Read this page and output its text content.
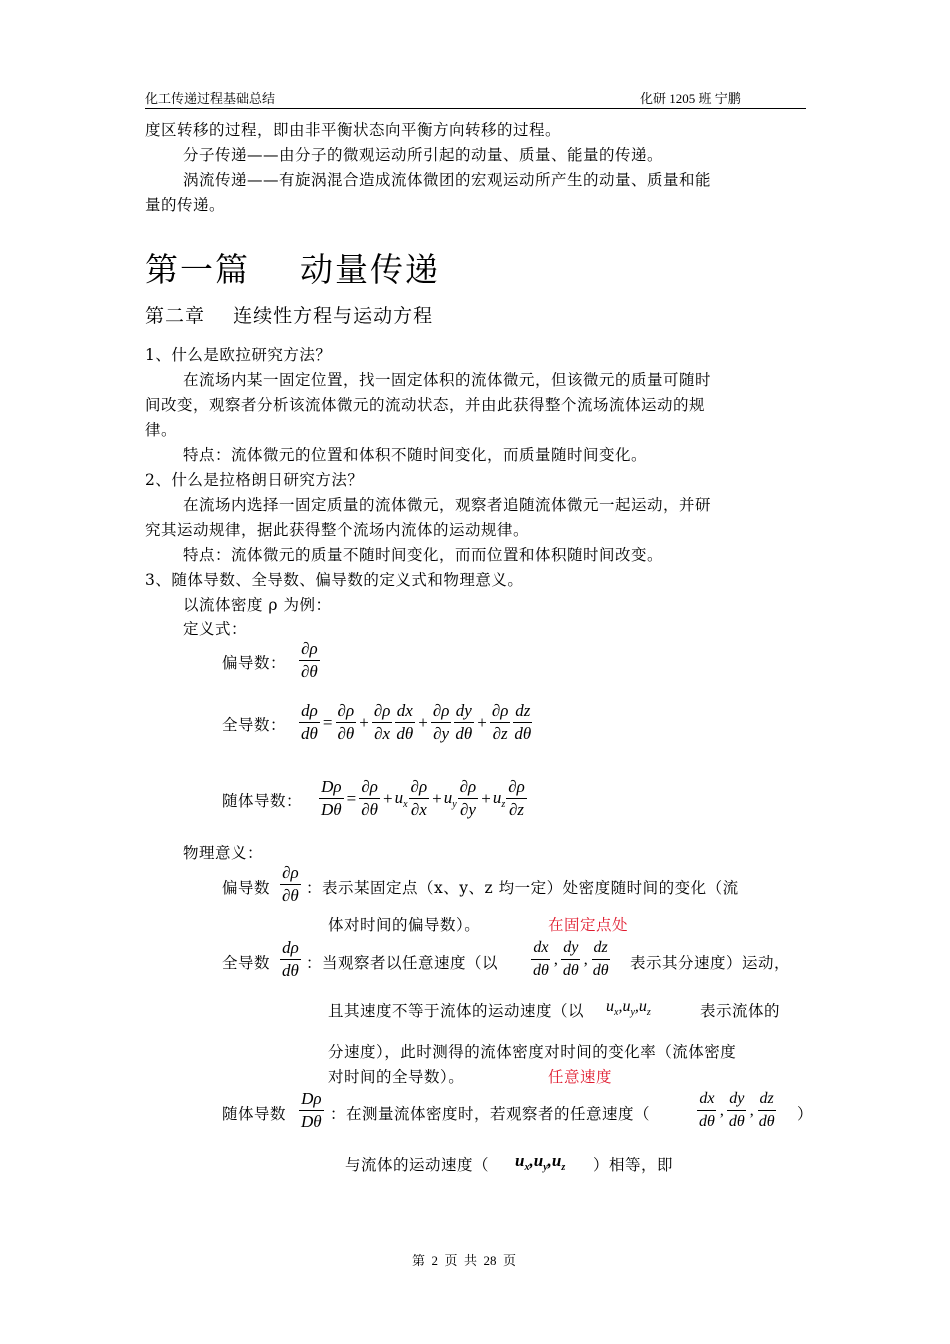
化工传递过程基础总结	化研 1205 班 宁鹏
度区转移的过程，即由非平衡状态向平衡方向转移的过程。
分子传递——由分子的微观运动所引起的动量、质量、能量的传递。
涡流传递——有旋涡混合造成流体微团的宏观运动所产生的动量、质量和能
量的传递。
第一篇    动量传递
第二章    连续性方程与运动方程
1、什么是欧拉研究方法？
在流场内某一固定位置，找一固定体积的流体微元，但该微元的质量可随时
间改变，观察者分析该流体微元的流动状态，并由此获得整个流场流体运动的规
律。
特点：流体微元的位置和体积不随时间变化，而质量随时间变化。
2、什么是拉格朗日研究方法？
在流场内选择一固定质量的流体微元，观察者追随流体微元一起运动，并研
究其运动规律，据此获得整个流场内流体的运动规律。
特点：流体微元的质量不随时间变化，而而位置和体积随时间改变。
3、随体导数、全导数、偏导数的定义式和物理意义。
以流体密度 ρ 为例：
定义式：
偏导数： $\frac{\partial\rho}{\partial\theta}$
全导数： $\frac{d\rho}{d\theta} = \frac{\partial\rho}{\partial\theta} + \frac{\partial\rho}{\partial x} \frac{dx}{d\theta} + \frac{\partial\rho}{\partial y} \frac{dy}{d\theta} + \frac{\partial\rho}{\partial z} \frac{dz}{d\theta}$
随体导数： $\frac{D\rho}{D\theta} = \frac{\partial\rho}{\partial\theta} + u_x \frac{\partial\rho}{\partial x} + u_y \frac{\partial\rho}{\partial y} + u_z \frac{\partial\rho}{\partial z}$
物理意义：
偏导数 $\frac{\partial\rho}{\partial\theta}$ ：表示某固定点（x、y、z 均一定）处密度随时间的变化（流
体对时间的偏导数）。	在固定点处
全导数 $\frac{d\rho}{d\theta}$ ：当观察者以任意速度（以 $\frac{dx}{d\theta}$ , $\frac{dy}{d\theta}$ , $\frac{dz}{d\theta}$ 表示其分速度）运动，
且其速度不等于流体的运动速度（以 $u_x,u_y,u_z$	表示流体的
分速度），此时测得的流体密度对时间的变化率（流体密度
对时间的全导数）。	任意速度
随体导数 $\frac{D\rho}{D\theta}$ ：在测量流体密度时，若观察者的任意速度（	$\frac{dx}{d\theta}$ , $\frac{dy}{d\theta}$ , $\frac{dz}{d\theta}$ ）
与流体的运动速度（ $u_x,u_y,u_z$ ）相等，即
第  2  页  共  28  页
